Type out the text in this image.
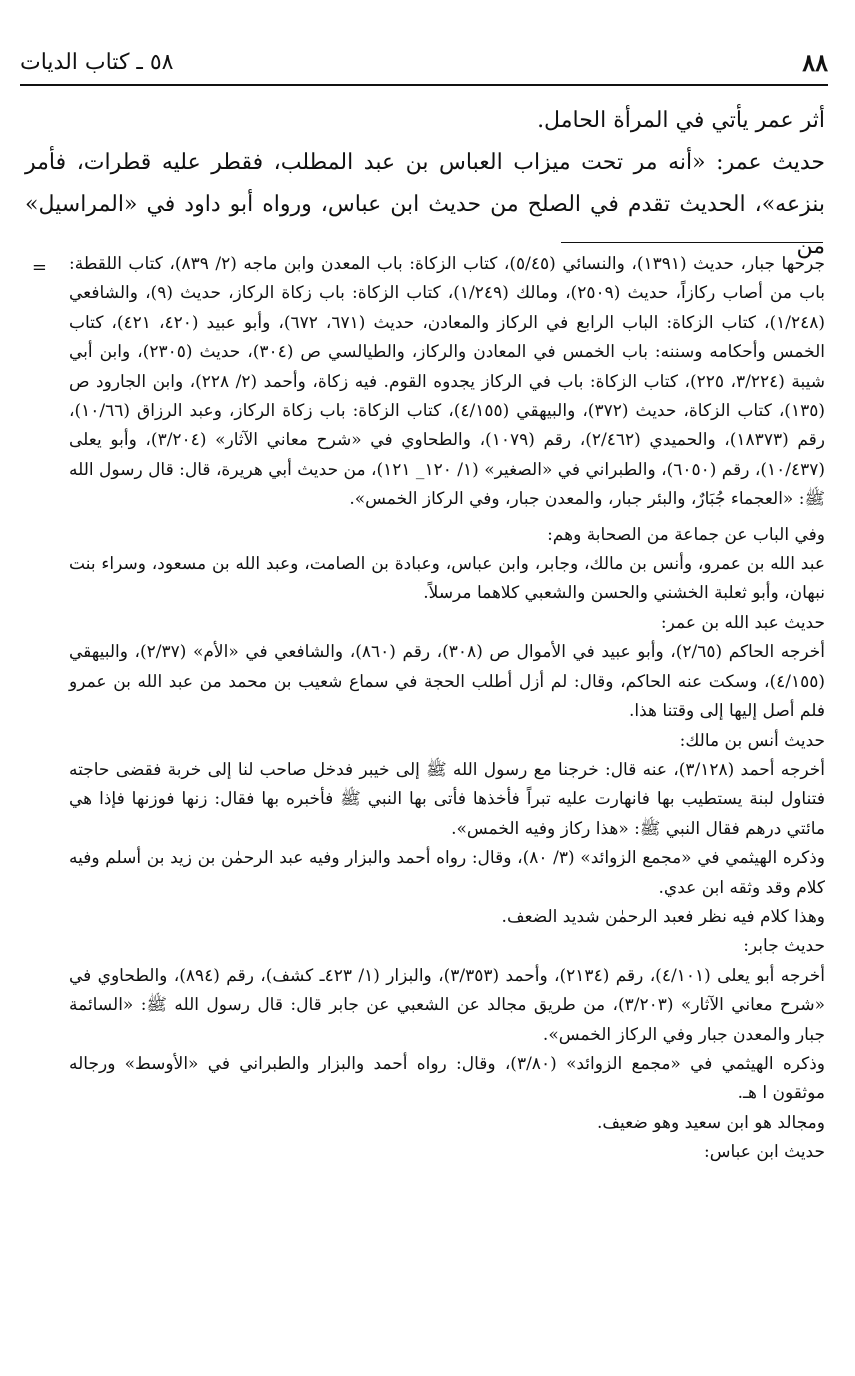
٥٨ ـ كتاب الديات	٨٨

أثر عمر يأتي في المرأة الحامل.

حديث عمر: «أنه مر تحت ميزاب العباس بن عبد المطلب، فقطر عليه قطرات، فأمر بنزعه»، الحديث تقدم في الصلح من حديث ابن عباس، ورواه أبو داود في «المراسيل» من

= جرحها جبار، حديث (١٣٩١)، والنسائي (٥/٤٥)، كتاب الزكاة: باب المعدن وابن ماجه (٢/ ٨٣٩)، كتاب اللقطة: باب من أصاب ركازاً، حديث (٢٥٠٩)، ومالك (١/٢٤٩)، كتاب الزكاة: باب زكاة الركاز، حديث (٩)، والشافعي (١/٢٤٨)، كتاب الزكاة: الباب الرابع في الركاز والمعادن، حديث (٦٧١، ٦٧٢)، وأبو عبيد (٤٢٠، ٤٢١)، كتاب الخمس وأحكامه وسننه: باب الخمس في المعادن والركاز، والطيالسي ص (٣٠٤)، حديث (٢٣٠٥)، وابن أبي شيبة (٣/٢٢٤، ٢٢٥)، كتاب الزكاة: باب في الركاز يجدوه القوم. فيه زكاة، وأحمد (٢/ ٢٢٨)، وابن الجارود ص (١٣٥)، كتاب الزكاة، حديث (٣٧٢)، والبيهقي (٤/١٥٥)، كتاب الزكاة: باب زكاة الركاز، وعبد الرزاق (١٠/٦٦)، رقم (١٨٣٧٣)، والحميدي (٢/٤٦٢)، رقم (١٠٧٩)، والطحاوي في «شرح معاني الآثار» (٣/٢٠٤)، وأبو يعلى (١٠/٤٣٧)، رقم (٦٠٥٠)، والطبراني في «الصغير» (١/ ١٢٠_ ١٢١)، من حديث أبي هريرة، قال: قال رسول الله ﷺ: «العجماء جُبَارٌ، والبئر جبار، والمعدن جبار، وفي الركاز الخمس».

وفي الباب عن جماعة من الصحابة وهم:

عبد الله بن عمرو، وأنس بن مالك، وجابر، وابن عباس، وعبادة بن الصامت، وعبد الله بن مسعود، وسراء بنت نبهان، وأبو ثعلبة الخشني والحسن والشعبي كلاهما مرسلاً.

حديث عبد الله بن عمر:

أخرجه الحاكم (٢/٦٥)، وأبو عبيد في الأموال ص (٣٠٨)، رقم (٨٦٠)، والشافعي في «الأم» (٢/٣٧)، والبيهقي (٤/١٥٥)، وسكت عنه الحاكم، وقال: لم أزل أطلب الحجة في سماع شعيب بن محمد من عبد الله بن عمرو فلم أصل إليها إلى وقتنا هذا.

حديث أنس بن مالك:

أخرجه أحمد (٣/١٢٨)، عنه قال: خرجنا مع رسول الله ﷺ إلى خيبر فدخل صاحب لنا إلى خربة فقضى حاجته فتناول لبنة يستطيب بها فانهارت عليه تبراً فأخذها فأتى بها النبي ﷺ فأخبره بها فقال: زنها فوزنها فإذا هي مائتي درهم فقال النبي ﷺ: «هذا ركاز وفيه الخمس».

وذكره الهيثمي في «مجمع الزوائد» (٣/ ٨٠)، وقال: رواه أحمد والبزار وفيه عبد الرحمٰن بن زيد بن أسلم وفيه كلام وقد وثقه ابن عدي.

وهذا كلام فيه نظر فعبد الرحمٰن شديد الضعف.

حديث جابر:

أخرجه أبو يعلى (٤/١٠١)، رقم (٢١٣٤)، وأحمد (٣/٣٥٣)، والبزار (١/ ٤٢٣ـ كشف)، رقم (٨٩٤)، والطحاوي في «شرح معاني الآثار» (٣/٢٠٣)، من طريق مجالد عن الشعبي عن جابر قال: قال رسول الله ﷺ: «السائمة جبار والمعدن جبار وفي الركاز الخمس».

وذكره الهيثمي في «مجمع الزوائد» (٣/٨٠)، وقال: رواه أحمد والبزار والطبراني في «الأوسط» ورجاله موثقون ا هـ.

ومجالد هو ابن سعيد وهو ضعيف.

حديث ابن عباس:
